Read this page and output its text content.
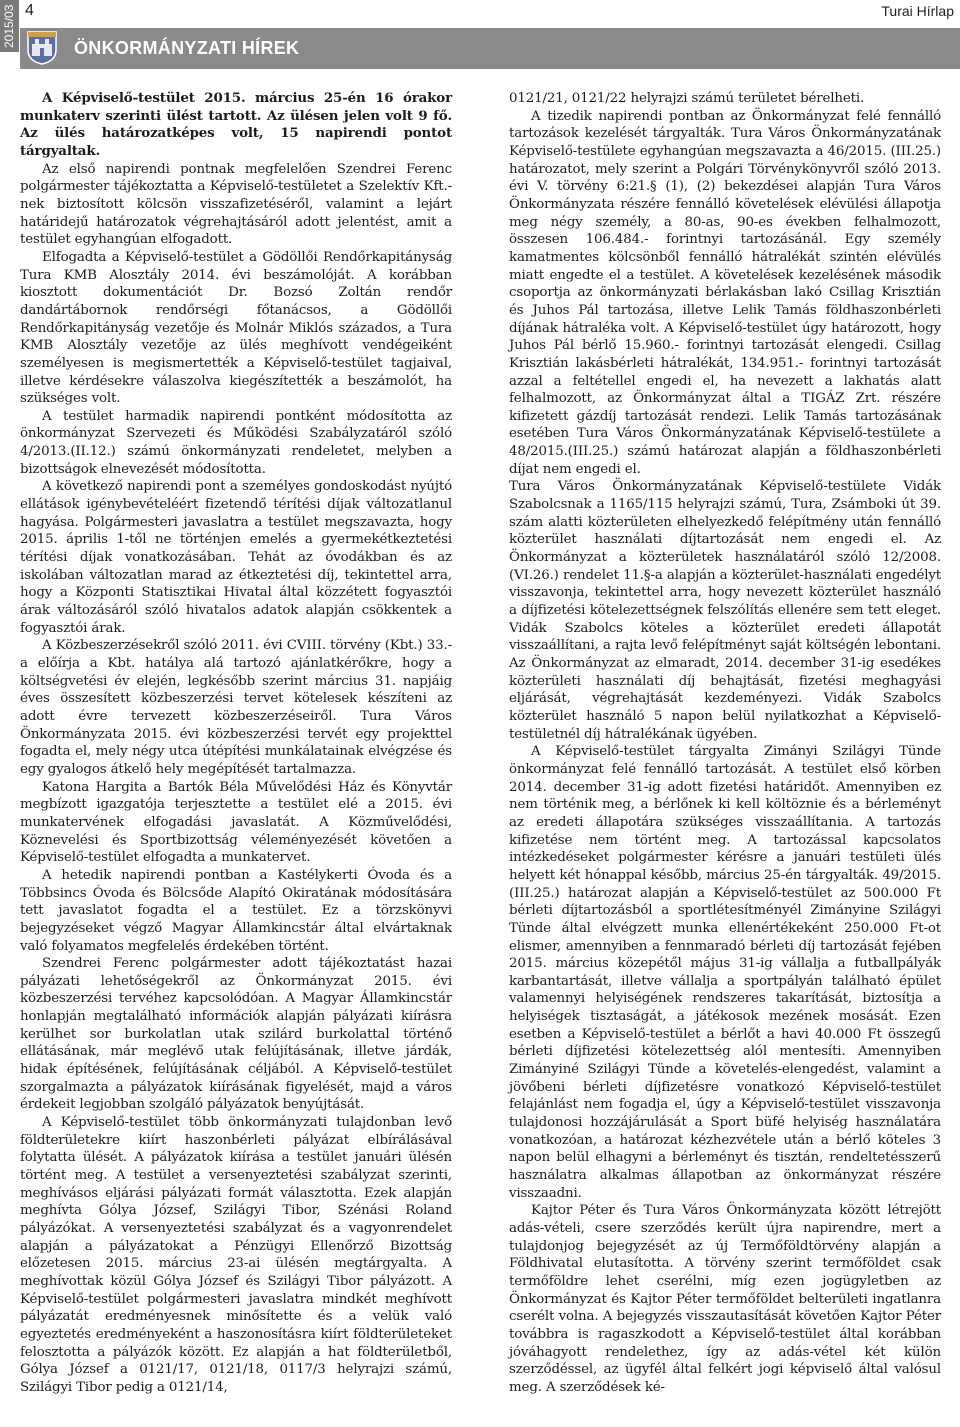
2015/03 4	Turai Hírlap
ÖNKORMÁNYZATI HÍREK

A Képviselő-testület 2015. március 25-én 16 órakor munkaterv szerinti ülést tartott. Az ülésen jelen volt 9 fő. Az ülés határozatképes volt, 15 napirendi pontot tárgyaltak.

Az első napirendi pontnak megfelelően Szendrei Ferenc polgármester tájékoztatta a Képviselő-testületet a Szelektív Kft.-nek biztosított kölcsön visszafizetéséről, valamint a lejárt határidejű határozatok végrehajtásáról adott jelentést, amit a testület egyhangúan elfogadott.

Elfogadta a Képviselő-testület a Gödöllői Rendőrkapitányság Tura KMB Alosztály 2014. évi beszámolóját. A korábban kiosztott dokumentációt Dr. Bozsó Zoltán rendőr dandártábornok rendőrségi főtanácsos, a Gödöllői Rendőrkapitányság vezetője és Molnár Miklós százados, a Tura KMB Alosztály vezetője az ülés meghívott vendégeiként személyesen is megismertették a Képviselő-testület tagjaival, illetve kérdésekre válaszolva kiegészítették a beszámolót, ha szükséges volt.

A testület harmadik napirendi pontként módosította az önkormányzat Szervezeti és Működési Szabályzatáról szóló 4/2013.(II.12.) számú önkormányzati rendeletet, melyben a bizottságok elnevezését módosította.

A következő napirendi pont a személyes gondoskodást nyújtó ellátások igénybevételéért fizetendő térítési díjak változatlanul hagyása. Polgármesteri javaslatra a testület megszavazta, hogy 2015. április 1-től ne történjen emelés a gyermekétkeztetési térítési díjak vonatkozásában. Tehát az óvodákban és az iskolában változatlan marad az étkeztetési díj, tekintettel arra, hogy a Központi Statisztikai Hivatal által közzétett fogyasztói árak változásáról szóló hivatalos adatok alapján csökkentek a fogyasztói árak.

A Közbeszerzésekről szóló 2011. évi CVIII. törvény (Kbt.) 33.-a előírja a Kbt. hatálya alá tartozó ajánlatkérőkre, hogy a költségvetési év elején, legkésőbb szerint március 31. napjáig éves összesített közbeszerzési tervet kötelesek készíteni az adott évre tervezett közbeszerzéseiről. Tura Város Önkormányzata 2015. évi közbeszerzési tervét egy projekttel fogadta el, mely négy utca útépítési munkálatainak elvégzése és egy gyalogos átkelő hely megépítését tartalmazza.

Katona Hargita a Bartók Béla Művelődési Ház és Könyvtár megbízott igazgatója terjesztette a testület elé a 2015. évi munkatervének elfogadási javaslatát. A Közművelődési, Köznevelési és Sportbizottság véleményezését követően a Képviselő-testület elfogadta a munkatervet.

A hetedik napirendi pontban a Kastélykerti Óvoda és a Többsincs Óvoda és Bölcsőde Alapító Okiratának módosítására tett javaslatot fogadta el a testület. Ez a törzskönyvi bejegyzéseket végző Magyar Államkincstár által elvártaknak való folyamatos megfelelés érdekében történt.

Szendrei Ferenc polgármester adott tájékoztatást hazai pályázati lehetőségekről az Önkormányzat 2015. évi közbeszerzési tervéhez kapcsolódóan. A Magyar Államkincstár honlapján megtalálható információk alapján pályázati kiírásra kerülhet sor burkolatlan utak szilárd burkolattal történő ellátásának, már meglévő utak felújításának, illetve járdák, hidak építésének, felújításának céljából. A Képviselő-testület szorgalmazta a pályázatok kiírásának figyelését, majd a város érdekeit legjobban szolgáló pályázatok benyújtását.

A Képviselő-testület több önkormányzati tulajdonban levő földterületekre kiírt haszonbérleti pályázat elbírálásával folytatta ülését. A pályázatok kiírása a testület januári ülésén történt meg. A testület a versenyeztetési szabályzat szerinti, meghívásos eljárási pályázati formát választotta. Ezek alapján meghívta Gólya József, Szilágyi Tibor, Szénási Roland pályázókat. A versenyeztetési szabályzat és a vagyonrendelet alapján a pályázatokat a Pénzügyi Ellenőrző Bizottság előzetesen 2015. március 23-ai ülésén megtárgyalta. A meghívottak közül Gólya József és Szilágyi Tibor pályázott. A Képviselő-testület polgármesteri javaslatra mindkét meghívott pályázatát eredményesnek minősítette és a velük való egyeztetés eredményeként a haszonosításra kiírt földterületeket felosztotta a pályázók között. Ez alapján a hat földterületből, Gólya József a 0121/17, 0121/18, 0117/3 helyrajzi számú, Szilágyi Tibor pedig a 0121/14,

0121/21, 0121/22 helyrajzi számú területet bérelheti.

A tizedik napirendi pontban az Önkormányzat felé fennálló tartozások kezelését tárgyalták. Tura Város Önkormányzatának Képviselő-testülete egyhangúan megszavazta a 46/2015. (III.25.) határozatot, mely szerint a Polgári Törvénykönyvről szóló 2013. évi V. törvény 6:21.§ (1), (2) bekezdései alapján Tura Város Önkormányzata részére fennálló követelések elévülési állapotja meg négy személy, a 80-as, 90-es években felhalmozott, összesen 106.484.- forintnyi tartozásánál. Egy személy kamatmentes kölcsönből fennálló hátralékát szintén elévülés miatt engedte el a testület. A követelések kezelésének második csoportja az önkormányzati bérlakásban lakó Csillag Krisztián és Juhos Pál tartozása, illetve Lelik Tamás földhaszonbérleti díjának hátraléka volt. A Képviselő-testület úgy határozott, hogy Juhos Pál bérlő 15.960.- forintnyi tartozását elengedi. Csillag Krisztián lakásbérleti hátralékát, 134.951.- forintnyi tartozását azzal a feltétellel engedi el, ha nevezett a lakhatás alatt felhalmozott, az Önkormányzat által a TIGÁZ Zrt. részére kifizetett gázdíj tartozását rendezi. Lelik Tamás tartozásának esetében Tura Város Önkormányzatának Képviselő-testülete a 48/2015.(III.25.) számú határozat alapján a földhaszonbérleti díjat nem engedi el.

Tura Város Önkormányzatának Képviselő-testülete Vidák Szabolcsnak a 1165/115 helyrajzi számú, Tura, Zsámboki út 39. szám alatti közterületen elhelyezkedő felépítmény után fennálló közterület használati díjtartozását nem engedi el. Az Önkormányzat a közterületek használatáról szóló 12/2008.(VI.26.) rendelet 11.§-a alapján a közterület-használati engedélyt visszavonja, tekintettel arra, hogy nevezett közterület használó a díjfizetési kötelezettségnek felszólítás ellenére sem tett eleget. Vidák Szabolcs köteles a közterület eredeti állapotát visszaállítani, a rajta levő felépítményt saját költségén lebontani. Az Önkormányzat az elmaradt, 2014. december 31-ig esedékes közterületi használati díj behajtását, fizetési meghagyási eljárását, végrehajtását kezdeményezi. Vidák Szabolcs közterület használó 5 napon belül nyilatkozhat a Képviselő-testületnél díj hátralékának ügyében.

A Képviselő-testület tárgyalta Zimányi Szilágyi Tünde önkormányzat felé fennálló tartozását. A testület első körben 2014. december 31-ig adott fizetési határidőt. Amennyiben ez nem történik meg, a bérlőnek ki kell költöznie és a bérleményt az eredeti állapotára szükséges visszaállítania. A tartozás kifizetése nem történt meg. A tartozással kapcsolatos intézkedéseket polgármester kérésre a januári testületi ülés helyett két hónappal később, március 25-én tárgyalták. 49/2015. (III.25.) határozat alapján a Képviselő-testület az 500.000 Ft bérleti díjtartozásból a sportlétesítményél Zimányine Szilágyi Tünde által elvégzett munka ellenértékeként 250.000 Ft-ot elismer, amennyiben a fennmaradó bérleti díj tartozását fejében 2015. március közepétől május 31-ig vállalja a futballpályák karbantartását, illetve vállalja a sportpályán található épület valamennyi helyiségének rendszeres takarítását, biztosítja a helyiségek tisztaságát, a játékosok mezének mosását. Ezen esetben a Képviselő-testület a bérlőt a havi 40.000 Ft összegű bérleti díjfizetési kötelezettség alól mentesíti. Amennyiben Zimányiné Szilágyi Tünde a követelés-elengedést, valamint a jövőbeni bérleti díjfizetésre vonatkozó Képviselő-testület felajánlást nem fogadja el, úgy a Képviselő-testület visszavonja tulajdonosi hozzájárulását a Sport büfé helyiség használatára vonatkozóan, a határozat kézhezvétele után a bérlő köteles 3 napon belül elhagyni a bérleményt és tisztán, rendeltetésszerű használatra alkalmas állapotban az önkormányzat részére visszaadni.

Kajtor Péter és Tura Város Önkormányzata között létrejött adás-vételi, csere szerződés került újra napirendre, mert a tulajdonjog bejegyzését az új Termőföldtörvény alapján a Földhivatal elutasította. A törvény szerint termőföldet csak termőföldre lehet cserélni, míg ezen jogügyletben az Önkormányzat és Kajtor Péter termőföldet belterületi ingatlanra cserélt volna. A bejegyzés visszautasítását követően Kajtor Péter továbbra is ragaszkodott a Képviselő-testület által korábban jóváhagyott rendelethez, így az adás-vétel két külön szerződéssel, az ügyfél által felkért jogi képviselő által valósul meg. A szerződések ké-
